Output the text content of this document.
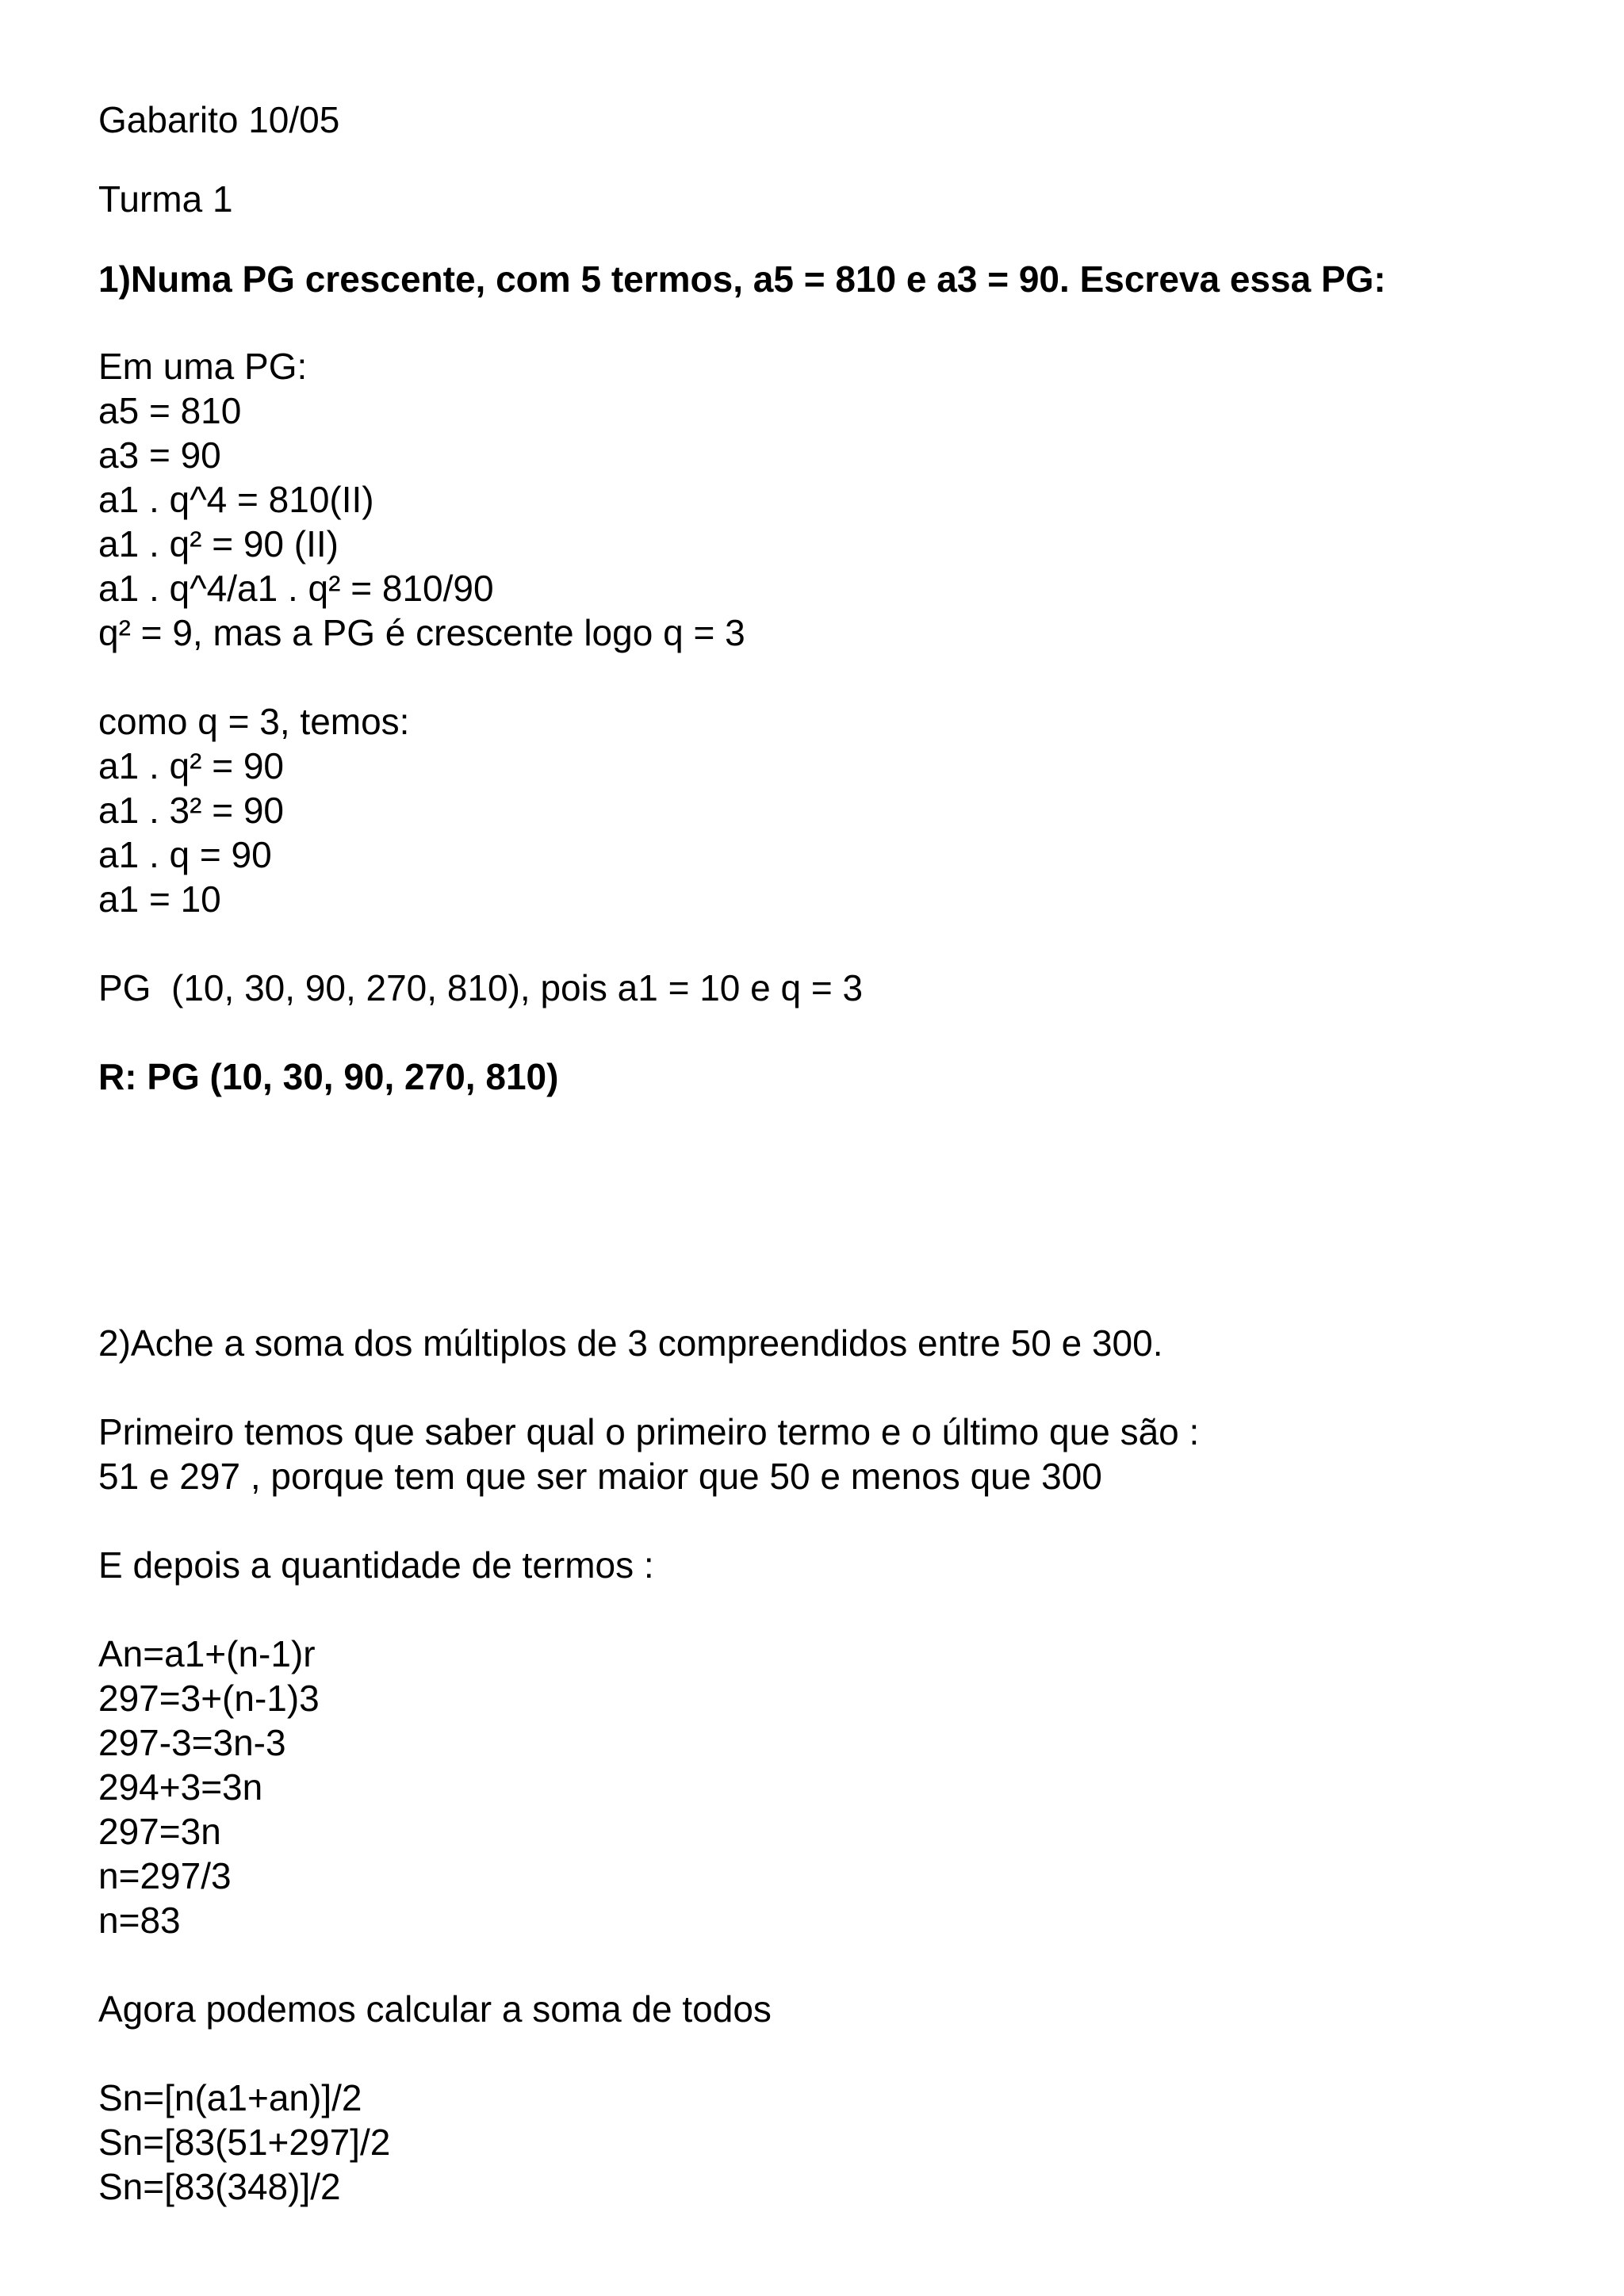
Gabarito 10/05
Turma 1
1)Numa PG crescente, com 5 termos, a5 = 810 e a3 = 90. Escreva essa PG:
Em uma PG:
a5 = 810
a3 = 90
a1 . q^4 = 810(II)
a1 . q² = 90 (II)
a1 . q^4/a1 . q² = 810/90
q² = 9, mas a PG é crescente logo q = 3
como q = 3, temos:
a1 . q² = 90
a1 . 3² = 90
a1 . q = 90
a1 = 10
PG  (10, 30, 90, 270, 810), pois a1 = 10 e q = 3
R: PG (10, 30, 90, 270, 810)
2)Ache a soma dos múltiplos de 3 compreendidos entre 50 e 300.
Primeiro temos que saber qual o primeiro termo e o último que são :
51 e 297 , porque tem que ser maior que 50 e menos que 300
E depois a quantidade de termos :
An=a1+(n-1)r
297=3+(n-1)3
297-3=3n-3
294+3=3n
297=3n
n=297/3
n=83
Agora podemos calcular a soma de todos
Sn=[n(a1+an)]/2
Sn=[83(51+297]/2
Sn=[83(348)]/2
